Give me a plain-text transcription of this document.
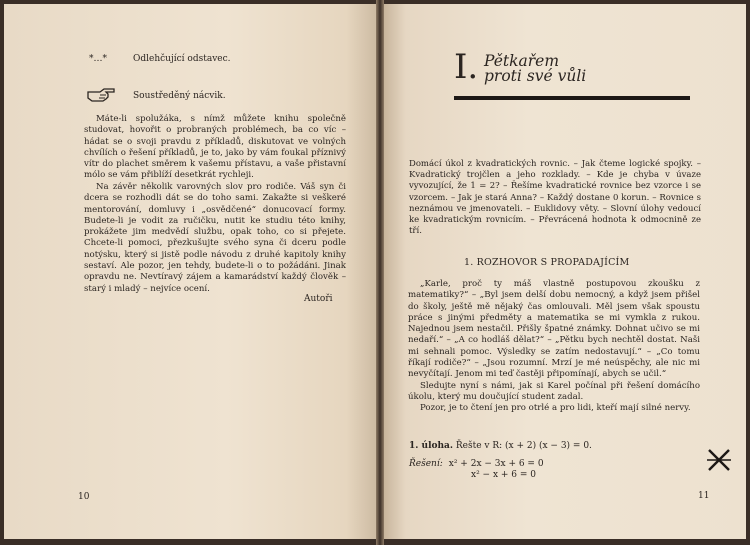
*…*	Odlehčující odstavec.
Soustředěný nácvik.
Máte-li spolužáka, s nímž můžete knihu společně studovat, hovořit o probraných problémech, ba co víc – hádat se o svoji pravdu z příkladů, diskutovat ve volných chvílích o řešení příkladů, je to, jako by vám foukal příznivý vítr do plachet směrem k vašemu přístavu, a vaše přistavní mólo se vám přiblíží desetkrát rychleji.
Na závěr několik varovných slov pro rodiče. Váš syn či dcera se rozhodli dát se do toho sami. Zakažte si veškeré mentorování, domluvy i „osvědčené“ donucovací formy. Budete-li je vodit za ručičku, nutit ke studiu této knihy, prokážete jim medvědí službu, opak toho, co si přejete. Chcete-li pomoci, přezkušujte svého syna či dceru podle notýsku, který si jistě podle návodu z druhé kapitoly knihy sestaví. Ale pozor, jen tehdy, budete-li o to požádáni. Jinak opravdu ne. Nevtíravý zájem a kamarádství každý člověk – starý i mladý – nejvíce ocení.
Autoři
10
I. Pětkařem
proti své vůli
Domácí úkol z kvadratických rovnic. – Jak čteme logické spojky. – Kvadratický trojčlen a jeho rozklady. – Kde je chyba v úvaze vyvozující, že 1 = 2? – Řešíme kvadratické rovnice bez vzorce i se vzorcem. – Jak je stará Anna? – Každý dostane 0 korun. – Rovnice s neznámou ve jmenovateli. – Euklidovy věty. – Slovní úlohy vedoucí ke kvadratickým rovnicím. – Převrácená hodnota k odmocnině ze tří.
1. ROZHOVOR S PROPADAJÍCÍM

„Karle, proč ty máš vlastně postupovou zkoušku z matematiky?“ – „Byl jsem delší dobu nemocný, a když jsem přišel do školy, ještě mě nějaký čas omlouvali. Měl jsem však spoustu práce s jinými předměty a matematika se mi vymkla z rukou. Najednou jsem nestačil. Přišly špatné známky. Dohnat učivo se mi nedaří.“ – „A co hodláš dělat?“ – „Pětku bych nechtěl dostat. Naši mi sehnali pomoc. Výsledky se zatím nedostavují.“ – „Co tomu říkají rodiče?“ – „Jsou rozumní. Mrzí je mé neúspěchy, ale nic mi nevyčítají. Jenom mi teď častěji připomínají, abych se učil.“

Sledujte nyní s námi, jak si Karel počínal při řešení domácího úkolu, který mu doučující student zadal.

Pozor, je to čtení jen pro otrlé a pro lidi, kteří mají silné nervy.

1. úloha. Řešte v R: (x + 2) (x − 3) = 0.
Řešení: x² + 2x − 3x + 6 = 0
x² − x + 6 = 0
11
